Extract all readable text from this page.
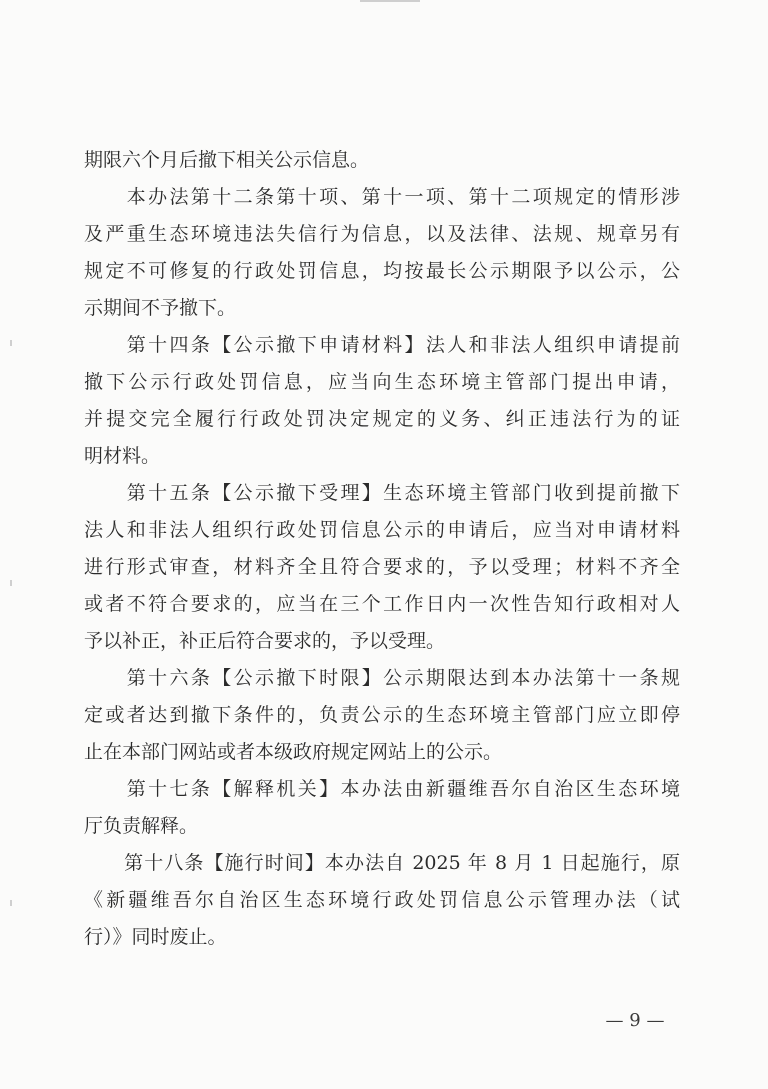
期限六个月后撤下相关公示信息。
　　本办法第十二条第十项、第十一项、第十二项规定的情形涉
及严重生态环境违法失信行为信息，以及法律、法规、规章另有
规定不可修复的行政处罚信息，均按最长公示期限予以公示，公
示期间不予撤下。
　　第十四条【公示撤下申请材料】法人和非法人组织申请提前
撤下公示行政处罚信息，应当向生态环境主管部门提出申请，
并提交完全履行行政处罚决定规定的义务、纠正违法行为的证
明材料。
　　第十五条【公示撤下受理】生态环境主管部门收到提前撤下
法人和非法人组织行政处罚信息公示的申请后，应当对申请材料
进行形式审查，材料齐全且符合要求的，予以受理；材料不齐全
或者不符合要求的，应当在三个工作日内一次性告知行政相对人
予以补正，补正后符合要求的，予以受理。
　　第十六条【公示撤下时限】公示期限达到本办法第十一条规
定或者达到撤下条件的，负责公示的生态环境主管部门应立即停
止在本部门网站或者本级政府规定网站上的公示。
　　第十七条【解释机关】本办法由新疆维吾尔自治区生态环境
厅负责解释。
　　第十八条【施行时间】本办法自 2025 年 8 月 1 日起施行，原
《新疆维吾尔自治区生态环境行政处罚信息公示管理办法（试
行）》同时废止。
— 9 —
